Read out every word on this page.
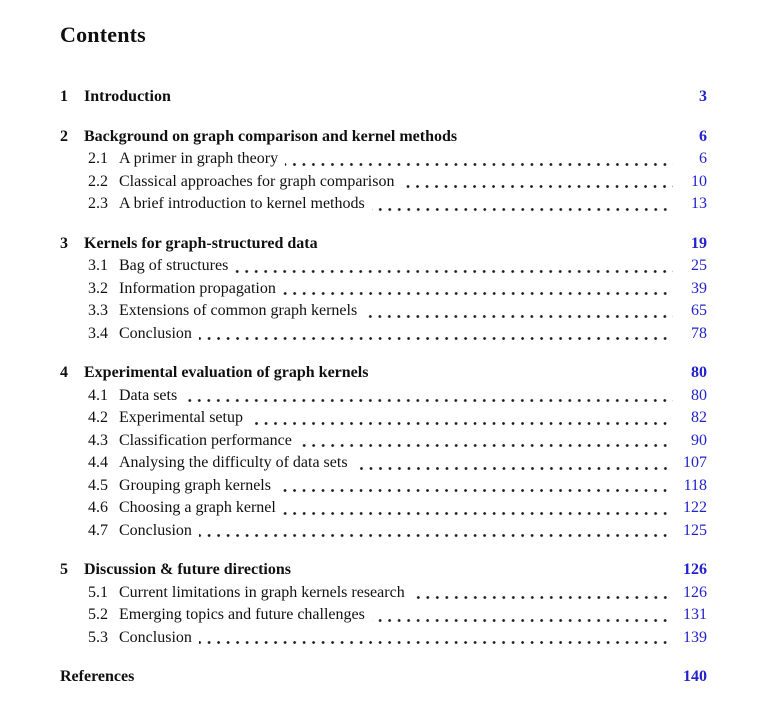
Contents
1	Introduction	3
2	Background on graph comparison and kernel methods	6
2.1 A primer in graph theory	6
2.2 Classical approaches for graph comparison	10
2.3 A brief introduction to kernel methods	13
3	Kernels for graph-structured data	19
3.1 Bag of structures	25
3.2 Information propagation	39
3.3 Extensions of common graph kernels	65
3.4 Conclusion	78
4	Experimental evaluation of graph kernels	80
4.1 Data sets	80
4.2 Experimental setup	82
4.3 Classification performance	90
4.4 Analysing the difficulty of data sets	107
4.5 Grouping graph kernels	118
4.6 Choosing a graph kernel	122
4.7 Conclusion	125
5	Discussion & future directions	126
5.1 Current limitations in graph kernels research	126
5.2 Emerging topics and future challenges	131
5.3 Conclusion	139
References	140
